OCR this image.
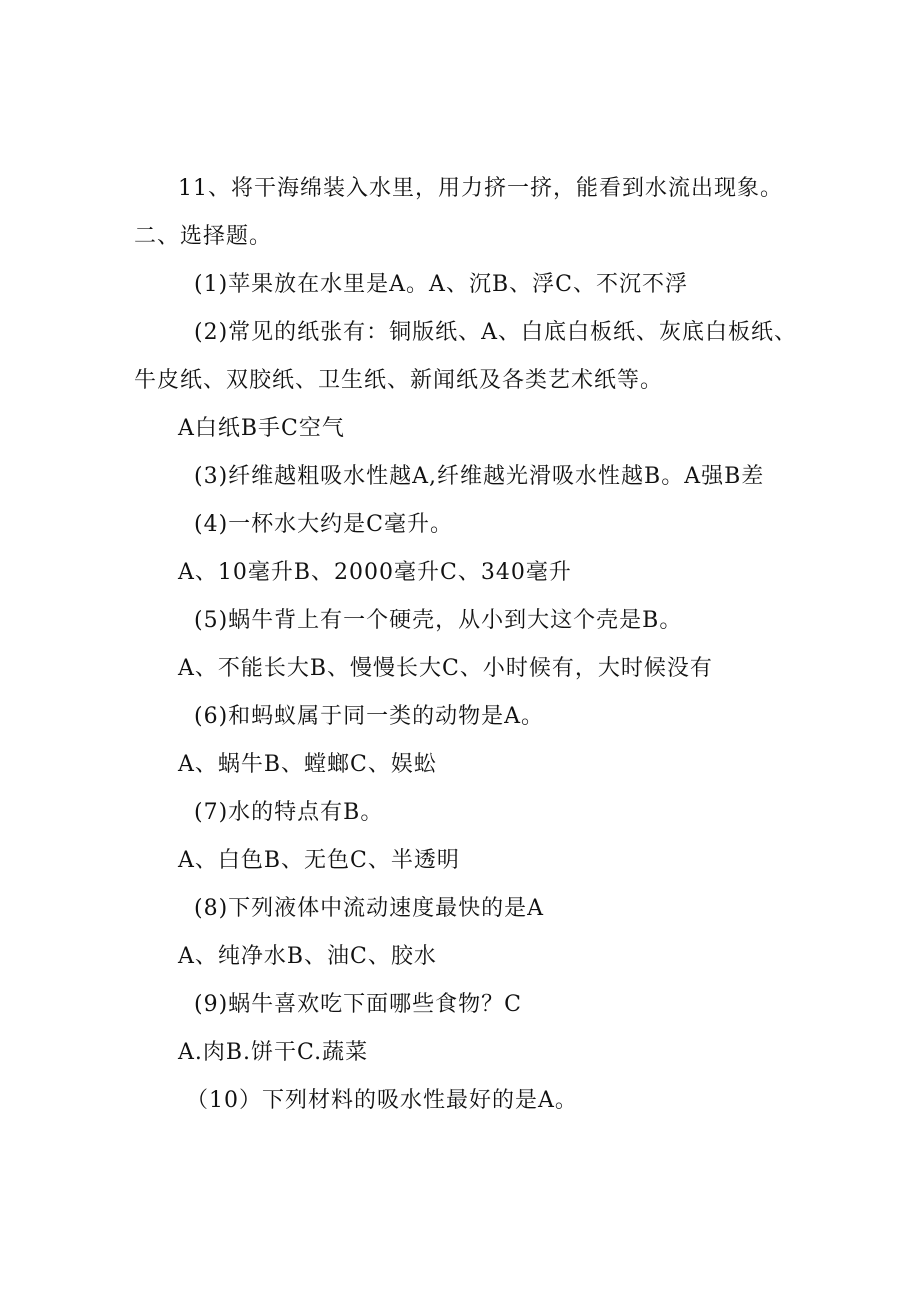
11、将干海绵装入水里，用力挤一挤，能看到水流出现象。
二、选择题。
(1)苹果放在水里是A。A、沉B、浮C、不沉不浮
(2)常见的纸张有：铜版纸、A、白底白板纸、灰底白板纸、
牛皮纸、双胶纸、卫生纸、新闻纸及各类艺术纸等。
A白纸B手C空气
(3)纤维越粗吸水性越A,纤维越光滑吸水性越B。A强B差
(4)一杯水大约是C毫升。
A、10毫升B、2000毫升C、340毫升
(5)蜗牛背上有一个硬壳，从小到大这个壳是B。
A、不能长大B、慢慢长大C、小时候有，大时候没有
(6)和蚂蚁属于同一类的动物是A。
A、蜗牛B、螳螂C、娱蚣
(7)水的特点有B。
A、白色B、无色C、半透明
(8)下列液体中流动速度最快的是A
A、纯净水B、油C、胶水
(9)蜗牛喜欢吃下面哪些食物？C
A.肉B.饼干C.蔬菜
（10）下列材料的吸水性最好的是A。
